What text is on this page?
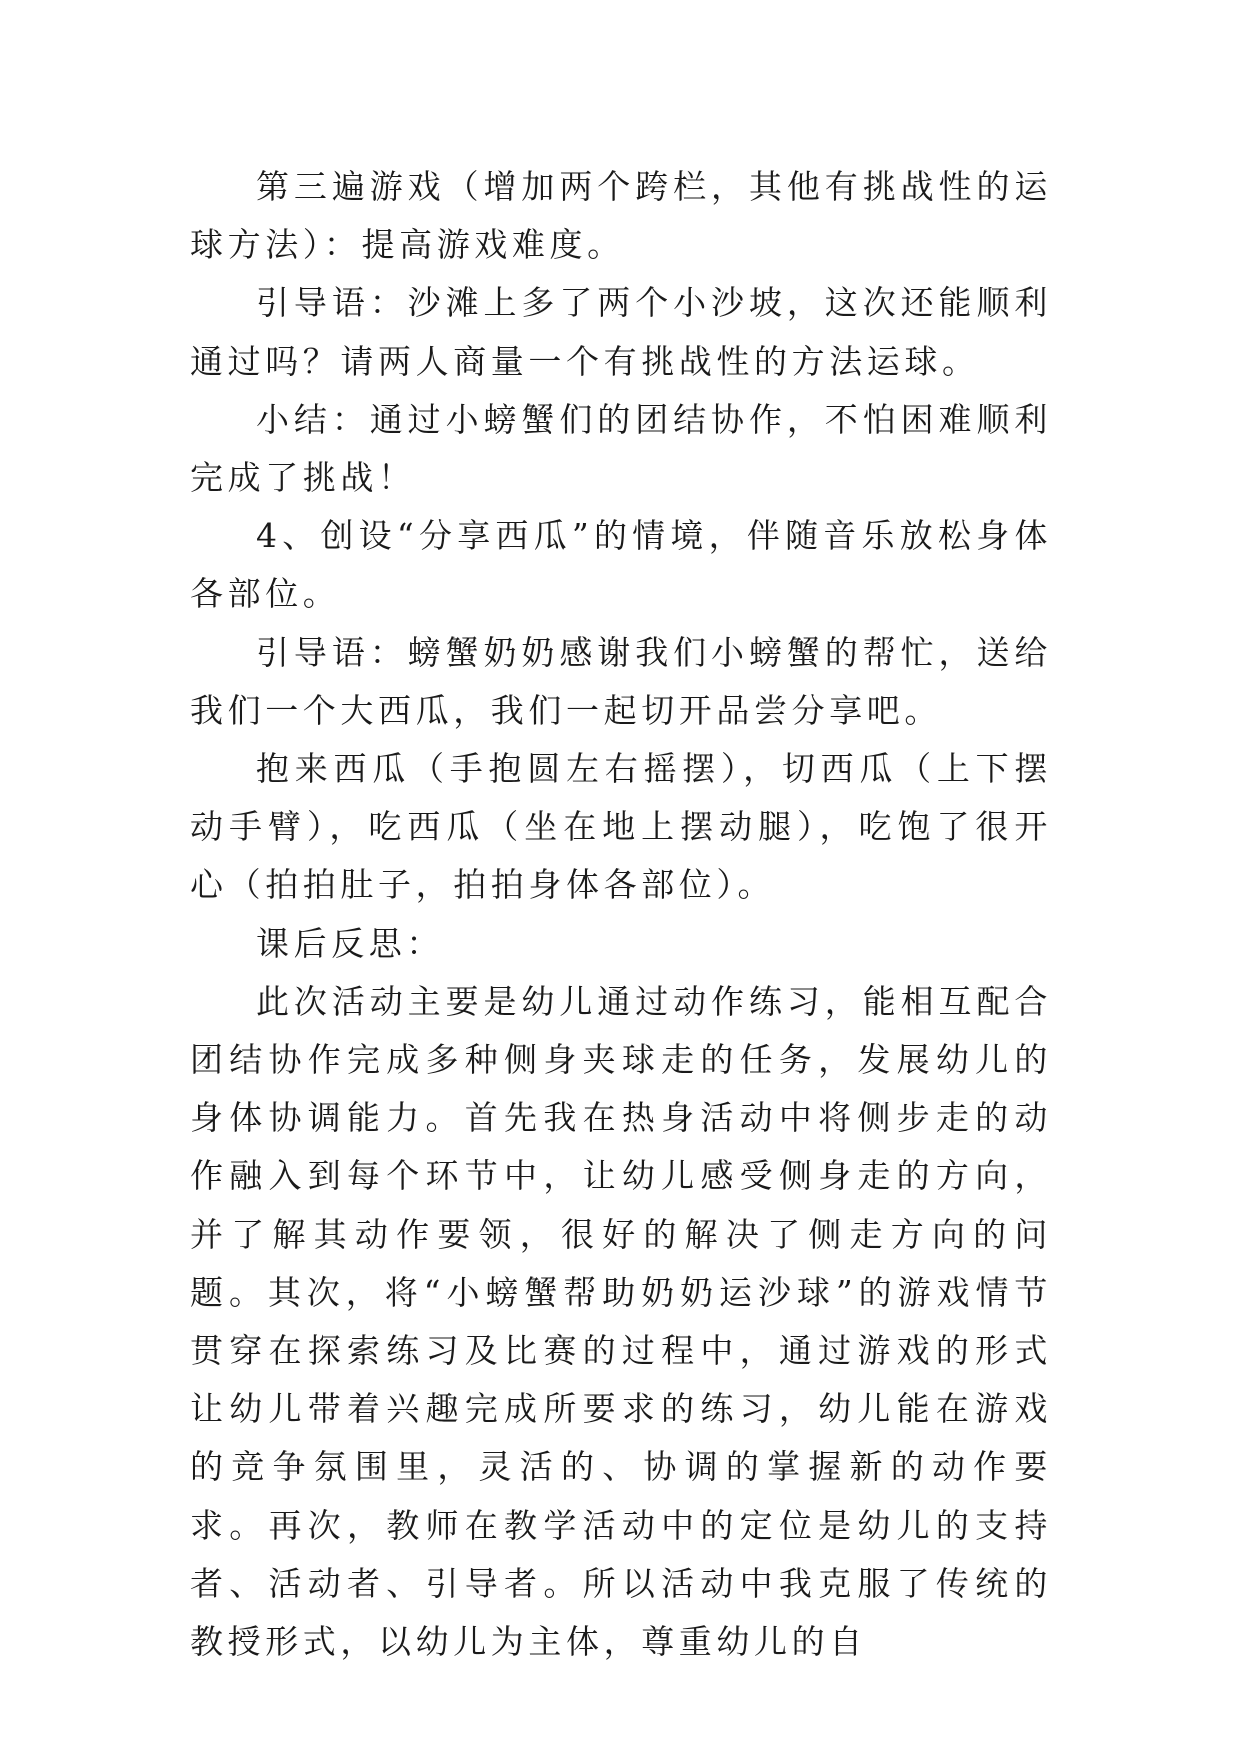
第三遍游戏（增加两个跨栏，其他有挑战性的运球方法）：提高游戏难度。

引导语：沙滩上多了两个小沙坡，这次还能顺利通过吗？请两人商量一个有挑战性的方法运球。

小结：通过小螃蟹们的团结协作，不怕困难顺利完成了挑战！

4、创设“分享西瓜”的情境，伴随音乐放松身体各部位。

引导语：螃蟹奶奶感谢我们小螃蟹的帮忙，送给我们一个大西瓜，我们一起切开品尝分享吧。

抱来西瓜（手抱圆左右摇摆），切西瓜（上下摆动手臂），吃西瓜（坐在地上摆动腿），吃饱了很开心（拍拍肚子，拍拍身体各部位）。

课后反思：

此次活动主要是幼儿通过动作练习，能相互配合团结协作完成多种侧身夹球走的任务，发展幼儿的身体协调能力。首先我在热身活动中将侧步走的动作融入到每个环节中，让幼儿感受侧身走的方向，并了解其动作要领，很好的解决了侧走方向的问题。其次，将“小螃蟹帮助奶奶运沙球”的游戏情节贯穿在探索练习及比赛的过程中，通过游戏的形式让幼儿带着兴趣完成所要求的练习，幼儿能在游戏的竞争氛围里，灵活的、协调的掌握新的动作要求。再次，教师在教学活动中的定位是幼儿的支持者、活动者、引导者。所以活动中我克服了传统的教授形式，以幼儿为主体，尊重幼儿的自
